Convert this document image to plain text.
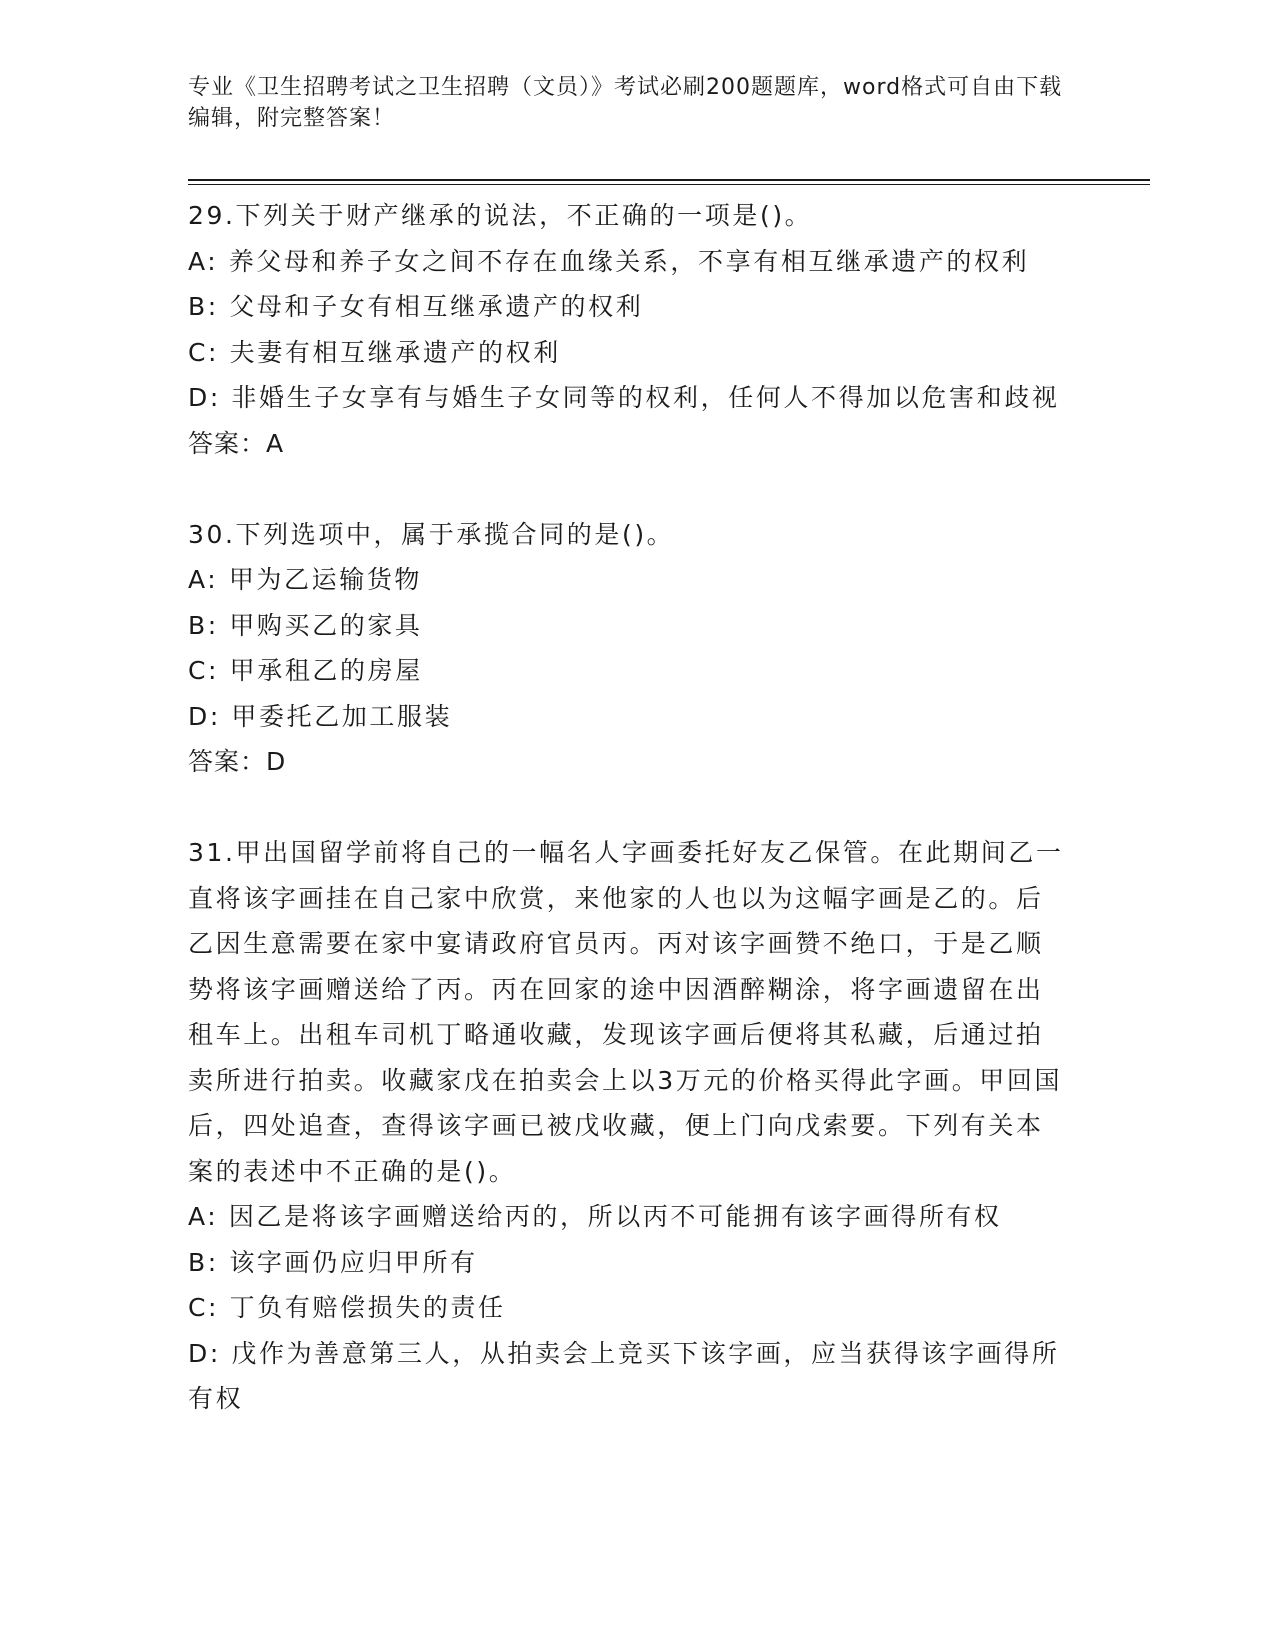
专业《卫生招聘考试之卫生招聘（文员）》考试必刷200题题库，word格式可自由下载编辑，附完整答案！

29.下列关于财产继承的说法，不正确的一项是()。

A: 养父母和养子女之间不存在血缘关系，不享有相互继承遗产的权利

B: 父母和子女有相互继承遗产的权利

C: 夫妻有相互继承遗产的权利

D: 非婚生子女享有与婚生子女同等的权利，任何人不得加以危害和歧视

答案：A

30.下列选项中，属于承揽合同的是()。

A: 甲为乙运输货物

B: 甲购买乙的家具

C: 甲承租乙的房屋

D: 甲委托乙加工服装

答案：D

31.甲出国留学前将自己的一幅名人字画委托好友乙保管。在此期间乙一直将该字画挂在自己家中欣赏，来他家的人也以为这幅字画是乙的。后乙因生意需要在家中宴请政府官员丙。丙对该字画赞不绝口，于是乙顺势将该字画赠送给了丙。丙在回家的途中因酒醉糊涂，将字画遗留在出租车上。出租车司机丁略通收藏，发现该字画后便将其私藏，后通过拍卖所进行拍卖。收藏家戊在拍卖会上以3万元的价格买得此字画。甲回国后，四处追查，查得该字画已被戊收藏，便上门向戊索要。下列有关本案的表述中不正确的是()。

A: 因乙是将该字画赠送给丙的，所以丙不可能拥有该字画得所有权

B: 该字画仍应归甲所有

C: 丁负有赔偿损失的责任

D: 戊作为善意第三人，从拍卖会上竞买下该字画，应当获得该字画得所有权
